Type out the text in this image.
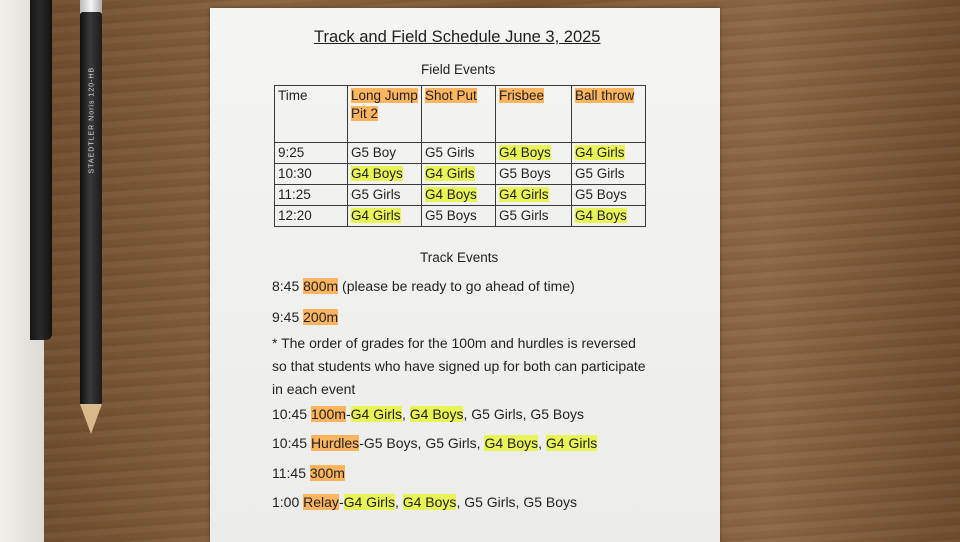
STAEDTLER Noris 120-HB
Track and Field Schedule June 3, 2025
Field Events
Time	Long Jump Pit 2	Shot Put	Frisbee	Ball throw
9:25	G5 Boy	G5 Girls	G4 Boys	G4 Girls
10:30	G4 Boys	G4 Girls	G5 Boys	G5 Girls
11:25	G5 Girls	G4 Boys	G4 Girls	G5 Boys
12:20	G4 Girls	G5 Boys	G5 Girls	G4 Boys
Track Events
8:45 800m (please be ready to go ahead of time)
9:45 200m
* The order of grades for the 100m and hurdles is reversed so that students who have signed up for both can participate in each event
10:45 100m-G4 Girls, G4 Boys, G5 Girls, G5 Boys
10:45 Hurdles-G5 Boys, G5 Girls, G4 Boys, G4 Girls
11:45 300m
1:00 Relay-G4 Girls, G4 Boys, G5 Girls, G5 Boys
